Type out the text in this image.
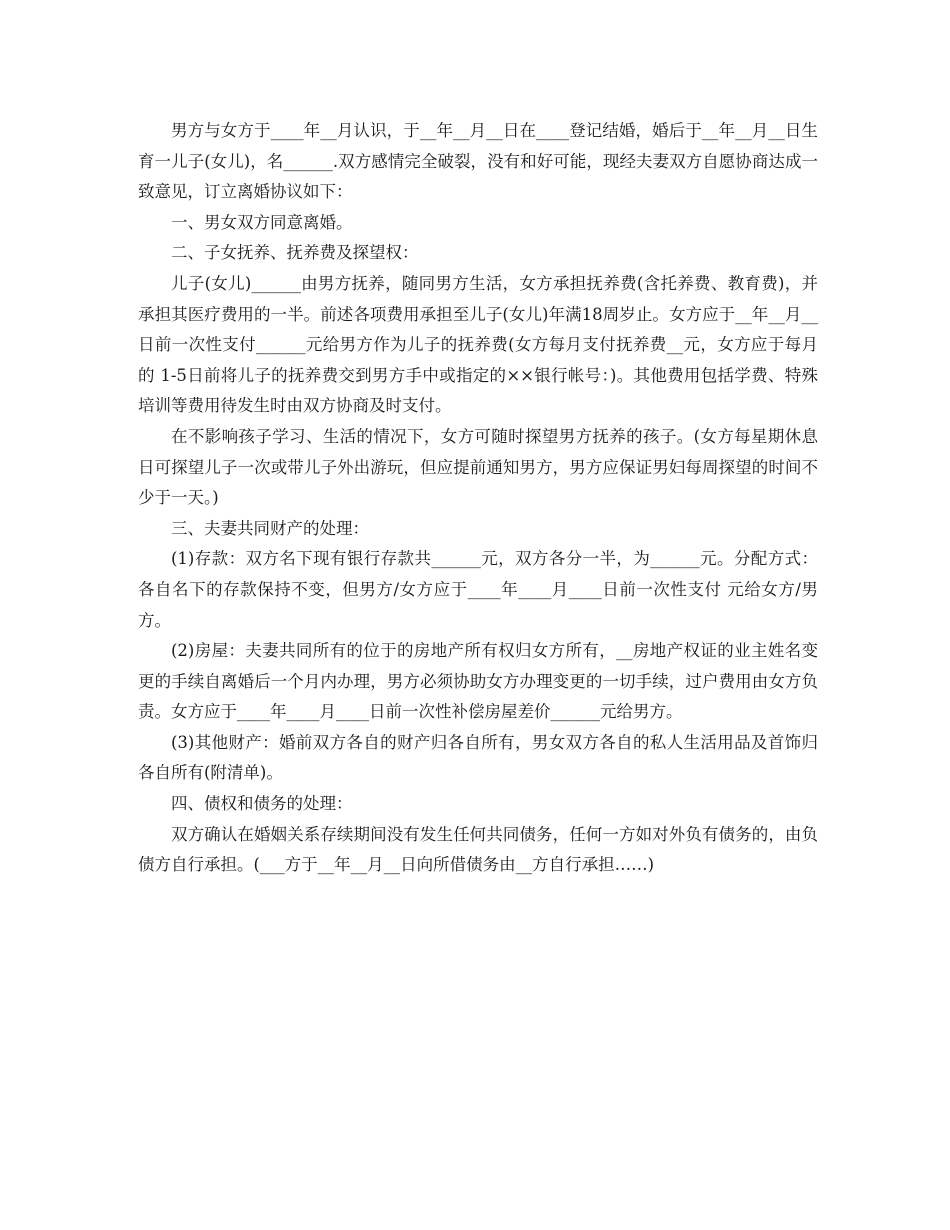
男方与女方于____年__月认识，于__年__月__日在____登记结婚，婚后于__年__月__日生育一儿子(女儿)，名______.双方感情完全破裂，没有和好可能，现经夫妻双方自愿协商达成一致意见，订立离婚协议如下：

一、男女双方同意离婚。

二、子女抚养、抚养费及探望权：

儿子(女儿)______由男方抚养，随同男方生活，女方承担抚养费(含托养费、教育费)，并承担其医疗费用的一半。前述各项费用承担至儿子(女儿)年满18周岁止。女方应于__年__月__日前一次性支付______元给男方作为儿子的抚养费(女方每月支付抚养费__元，女方应于每月的 1-5日前将儿子的抚养费交到男方手中或指定的××银行帐号：)。其他费用包括学费、特殊培训等费用待发生时由双方协商及时支付。

在不影响孩子学习、生活的情况下，女方可随时探望男方抚养的孩子。(女方每星期休息日可探望儿子一次或带儿子外出游玩，但应提前通知男方，男方应保证男妇每周探望的时间不少于一天。)

三、夫妻共同财产的处理：

(1)存款：双方名下现有银行存款共______元，双方各分一半，为______元。分配方式：各自名下的存款保持不变，但男方/女方应于____年____月____日前一次性支付 元给女方/男方。

(2)房屋：夫妻共同所有的位于的房地产所有权归女方所有，__房地产权证的业主姓名变更的手续自离婚后一个月内办理，男方必须协助女方办理变更的一切手续，过户费用由女方负责。女方应于____年____月____日前一次性补偿房屋差价______元给男方。

(3)其他财产：婚前双方各自的财产归各自所有，男女双方各自的私人生活用品及首饰归各自所有(附清单)。

四、债权和债务的处理：

双方确认在婚姻关系存续期间没有发生任何共同债务，任何一方如对外负有债务的，由负债方自行承担。(___方于__年__月__日向所借债务由__方自行承担……)
